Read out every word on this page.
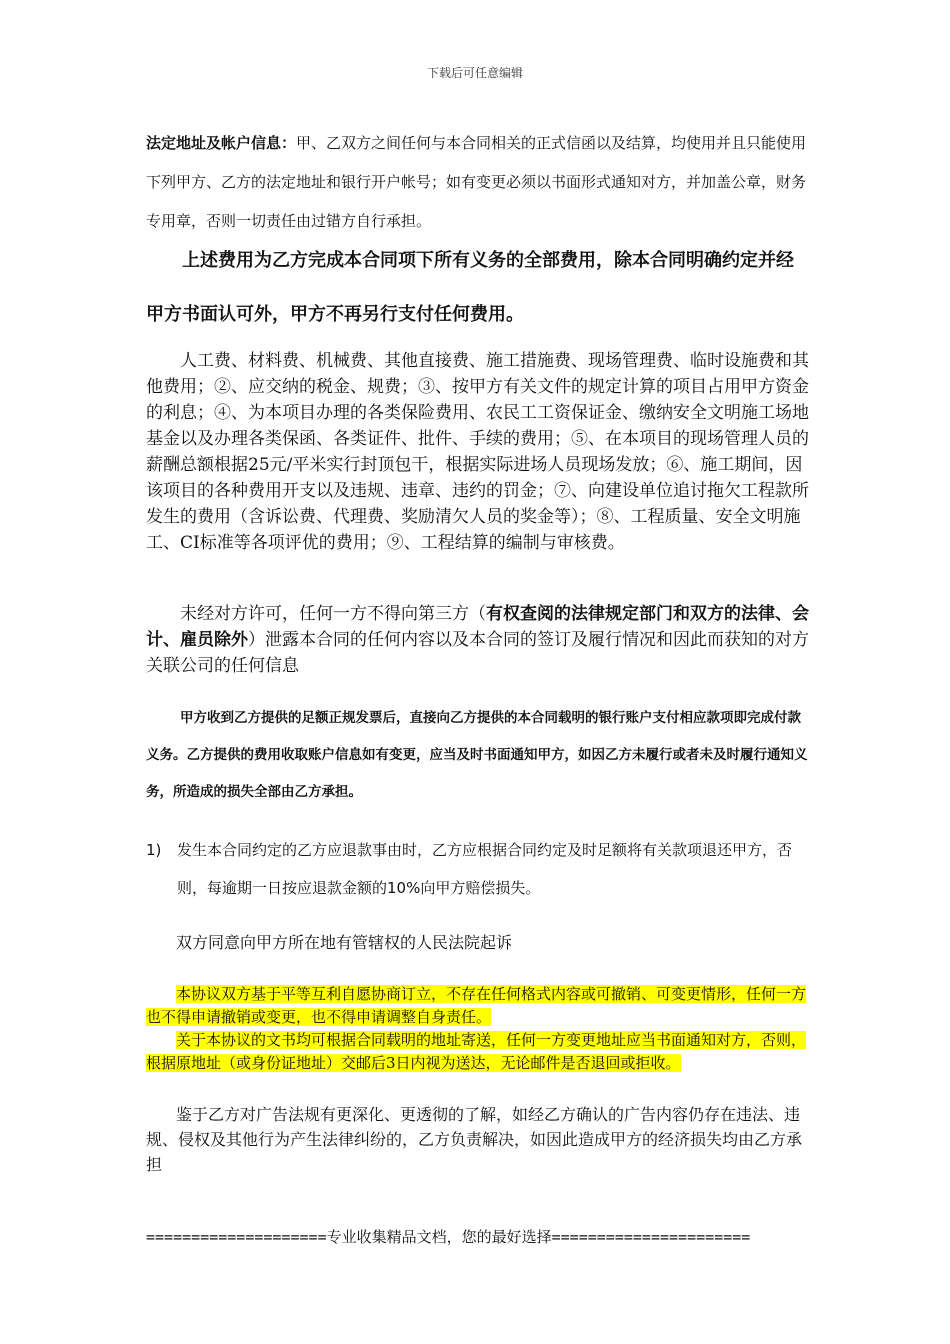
下载后可任意编辑
法定地址及帐户信息：甲、乙双方之间任何与本合同相关的正式信函以及结算，均使用并且只能使用下列甲方、乙方的法定地址和银行开户帐号；如有变更必须以书面形式通知对方，并加盖公章，财务专用章，否则一切责任由过错方自行承担。
上述费用为乙方完成本合同项下所有义务的全部费用，除本合同明确约定并经甲方书面认可外，甲方不再另行支付任何费用。
人工费、材料费、机械费、其他直接费、施工措施费、现场管理费、临时设施费和其他费用；②、应交纳的税金、规费；③、按甲方有关文件的规定计算的项目占用甲方资金的利息；④、为本项目办理的各类保险费用、农民工工资保证金、缴纳安全文明施工场地基金以及办理各类保函、各类证件、批件、手续的费用；⑤、在本项目的现场管理人员的薪酬总额根据25元/平米实行封顶包干，根据实际进场人员现场发放；⑥、施工期间，因该项目的各种费用开支以及违规、违章、违约的罚金；⑦、向建设单位追讨拖欠工程款所发生的费用（含诉讼费、代理费、奖励清欠人员的奖金等）；⑧、工程质量、安全文明施工、CI标准等各项评优的费用；⑨、工程结算的编制与审核费。
未经对方许可，任何一方不得向第三方（有权查阅的法律规定部门和双方的法律、会计、雇员除外）泄露本合同的任何内容以及本合同的签订及履行情况和因此而获知的对方关联公司的任何信息
甲方收到乙方提供的足额正规发票后，直接向乙方提供的本合同载明的银行账户支付相应款项即完成付款义务。乙方提供的费用收取账户信息如有变更，应当及时书面通知甲方，如因乙方未履行或者未及时履行通知义务，所造成的损失全部由乙方承担。
1) 发生本合同约定的乙方应退款事由时，乙方应根据合同约定及时足额将有关款项退还甲方，否则，每逾期一日按应退款金额的10%向甲方赔偿损失。
双方同意向甲方所在地有管辖权的人民法院起诉
本协议双方基于平等互利自愿协商订立，不存在任何格式内容或可撤销、可变更情形，任何一方也不得申请撤销或变更，也不得申请调整自身责任。
关于本协议的文书均可根据合同载明的地址寄送，任何一方变更地址应当书面通知对方，否则，根据原地址（或身份证地址）交邮后3日内视为送达，无论邮件是否退回或拒收。
鉴于乙方对广告法规有更深化、更透彻的了解，如经乙方确认的广告内容仍存在违法、违规、侵权及其他行为产生法律纠纷的，乙方负责解决，如因此造成甲方的经济损失均由乙方承担
====================专业收集精品文档，您的最好选择======================
